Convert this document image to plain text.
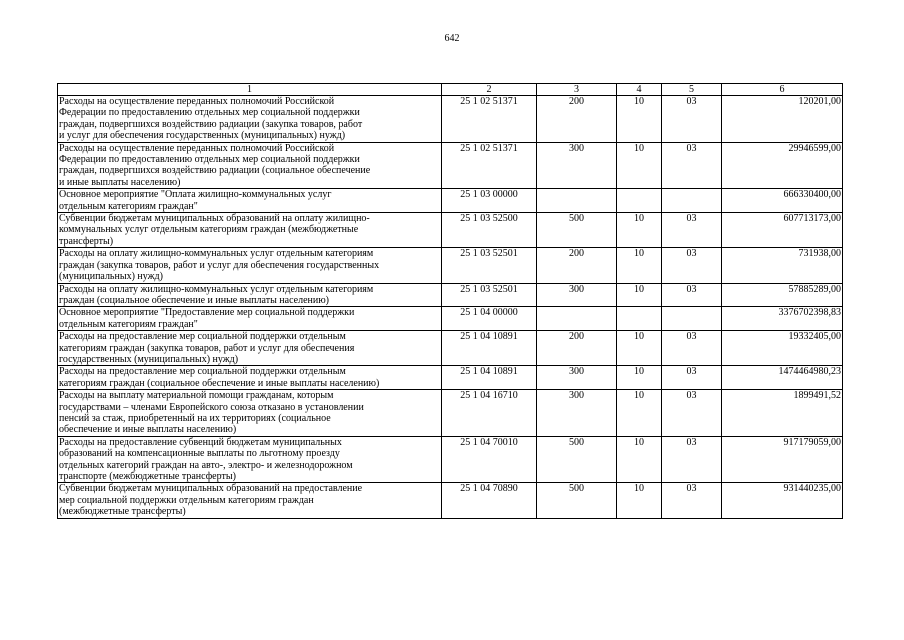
642
1	2	3	4	5	6
Расходы на осуществление переданных полномочий Российской
Федерации по предоставлению отдельных мер социальной поддержки
граждан, подвергшихся воздействию радиации (закупка товаров, работ
и услуг для обеспечения государственных (муниципальных) нужд)	25 1 02 51371	200	10	03	120201,00
Расходы на осуществление переданных полномочий Российской
Федерации по предоставлению отдельных мер социальной поддержки
граждан, подвергшихся воздействию радиации (социальное обеспечение
и иные выплаты населению)	25 1 02 51371	300	10	03	29946599,00
Основное мероприятие "Оплата жилищно-коммунальных услуг
отдельным категориям граждан"	25 1 03 00000				666330400,00
Субвенции бюджетам муниципальных образований на оплату жилищно-
коммунальных услуг отдельным категориям граждан (межбюджетные
трансферты)	25 1 03 52500	500	10	03	607713173,00
Расходы на оплату жилищно-коммунальных услуг отдельным категориям
граждан (закупка товаров, работ и услуг для обеспечения государственных
(муниципальных) нужд)	25 1 03 52501	200	10	03	731938,00
Расходы на оплату жилищно-коммунальных услуг отдельным категориям
граждан (социальное обеспечение и иные выплаты населению)	25 1 03 52501	300	10	03	57885289,00
Основное мероприятие "Предоставление мер социальной поддержки
отдельным категориям граждан"	25 1 04 00000				3376702398,83
Расходы на предоставление мер социальной поддержки отдельным
категориям граждан (закупка товаров, работ и услуг для обеспечения
государственных (муниципальных) нужд)	25 1 04 10891	200	10	03	19332405,00
Расходы на предоставление мер социальной поддержки отдельным
категориям граждан (социальное обеспечение и иные выплаты населению)	25 1 04 10891	300	10	03	1474464980,23
Расходы на выплату материальной помощи гражданам, которым
государствами – членами Европейского союза отказано в установлении
пенсий за стаж, приобретенный на их территориях (социальное
обеспечение и иные выплаты населению)	25 1 04 16710	300	10	03	1899491,52
Расходы на предоставление субвенций бюджетам муниципальных
образований на компенсационные выплаты по льготному проезду
отдельных категорий граждан на авто-, электро- и железнодорожном
транспорте (межбюджетные трансферты)	25 1 04 70010	500	10	03	917179059,00
Субвенции бюджетам муниципальных образований на предоставление
мер социальной поддержки отдельным категориям граждан
(межбюджетные трансферты)	25 1 04 70890	500	10	03	931440235,00
